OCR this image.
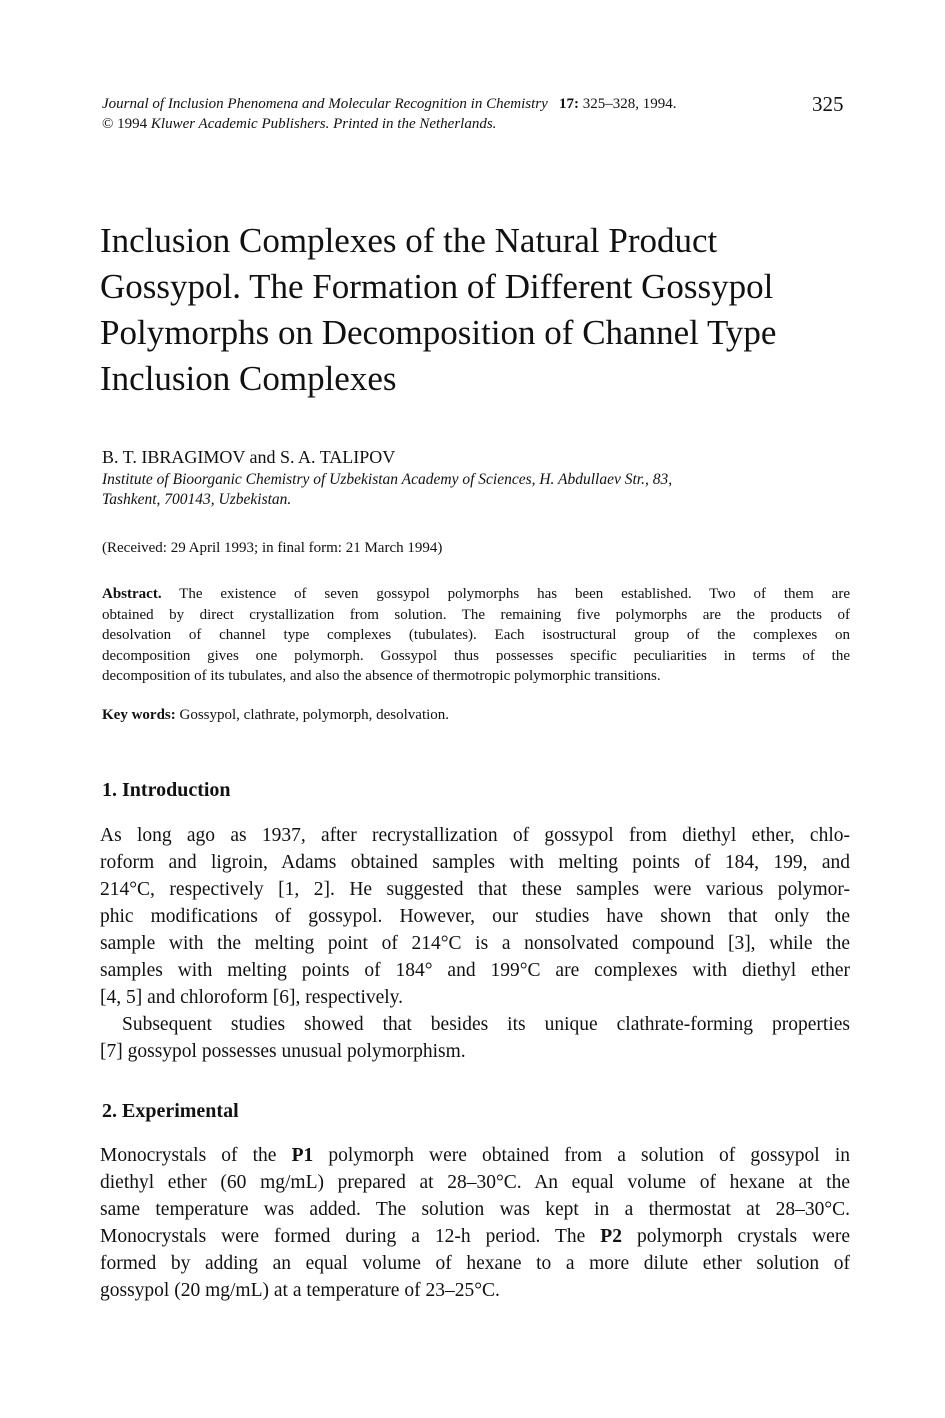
Journal of Inclusion Phenomena and Molecular Recognition in Chemistry   17: 325–328, 1994.
© 1994 Kluwer Academic Publishers. Printed in the Netherlands.
325
Inclusion Complexes of the Natural Product
Gossypol. The Formation of Different Gossypol
Polymorphs on Decomposition of Channel Type
Inclusion Complexes
B. T. IBRAGIMOV and S. A. TALIPOV
Institute of Bioorganic Chemistry of Uzbekistan Academy of Sciences, H. Abdullaev Str., 83,
Tashkent, 700143, Uzbekistan.
(Received: 29 April 1993; in final form: 21 March 1994)
Abstract. The existence of seven gossypol polymorphs has been established. Two of them are
obtained by direct crystallization from solution. The remaining five polymorphs are the products of
desolvation of channel type complexes (tubulates). Each isostructural group of the complexes on
decomposition gives one polymorph. Gossypol thus possesses specific peculiarities in terms of the
decomposition of its tubulates, and also the absence of thermotropic polymorphic transitions.
Key words: Gossypol, clathrate, polymorph, desolvation.
1. Introduction
As long ago as 1937, after recrystallization of gossypol from diethyl ether, chlo-
roform and ligroin, Adams obtained samples with melting points of 184, 199, and
214°C, respectively [1, 2]. He suggested that these samples were various polymor-
phic modifications of gossypol. However, our studies have shown that only the
sample with the melting point of 214°C is a nonsolvated compound [3], while the
samples with melting points of 184° and 199°C are complexes with diethyl ether
[4, 5] and chloroform [6], respectively.
Subsequent studies showed that besides its unique clathrate-forming properties
[7] gossypol possesses unusual polymorphism.
2. Experimental
Monocrystals of the P1 polymorph were obtained from a solution of gossypol in
diethyl ether (60 mg/mL) prepared at 28–30°C. An equal volume of hexane at the
same temperature was added. The solution was kept in a thermostat at 28–30°C.
Monocrystals were formed during a 12-h period. The P2 polymorph crystals were
formed by adding an equal volume of hexane to a more dilute ether solution of
gossypol (20 mg/mL) at a temperature of 23–25°C.
